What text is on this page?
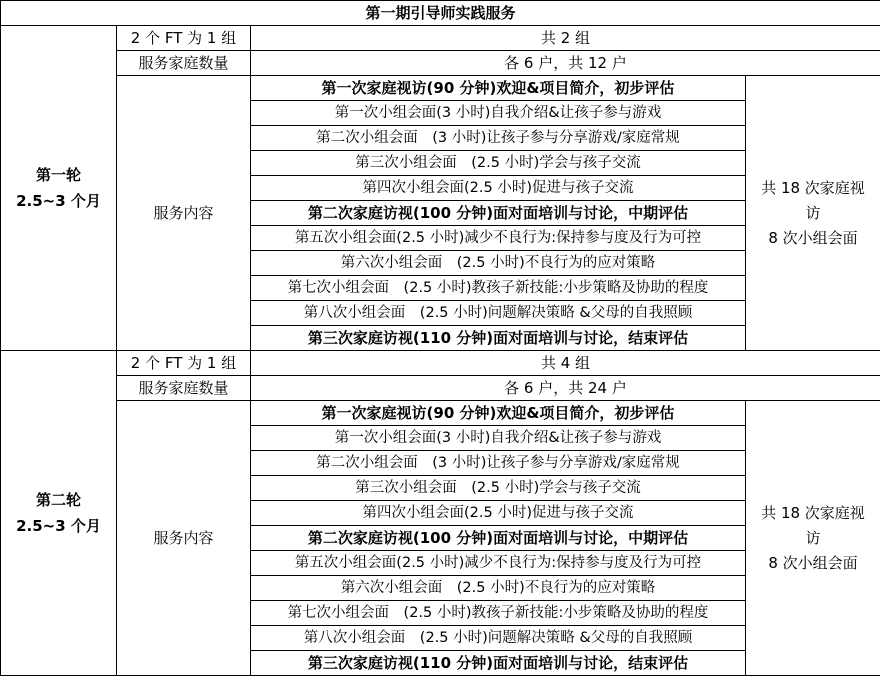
第一期引导师实践服务			

第一轮
2.5~3 个月	2 个 FT 为 1 组	共 2 组	
	服务家庭数量	各 6 户，共 12 户	
	服务内容	第一次家庭视访(90 分钟)欢迎&项目简介，初步评估	共 18 次家庭视
访
8 次小组会面

		第一次小组会面(3 小时)自我介绍&让孩子参与游戏	
		第二次小组会面　(3 小时)让孩子参与分享游戏/家庭常规	
		第三次小组会面　(2.5 小时)学会与孩子交流	
		第四次小组会面(2.5 小时)促进与孩子交流	
		第二次家庭访视(100 分钟)面对面培训与讨论，中期评估	
		第五次小组会面(2.5 小时)减少不良行为:保持参与度及行为可控	
		第六次小组会面　(2.5 小时)不良行为的应对策略	
		第七次小组会面　(2.5 小时)教孩子新技能:小步策略及协助的程度	
		第八次小组会面　(2.5 小时)问题解决策略 &父母的自我照顾	
		第三次家庭访视(110 分钟)面对面培训与讨论，结束评估	

第二轮
2.5~3 个月	2 个 FT 为 1 组	共 4 组	
	服务家庭数量	各 6 户，共 24 户	
	服务内容	第一次家庭视访(90 分钟)欢迎&项目简介，初步评估	共 18 次家庭视
访
8 次小组会面

		第一次小组会面(3 小时)自我介绍&让孩子参与游戏	
		第二次小组会面　(3 小时)让孩子参与分享游戏/家庭常规	
		第三次小组会面　(2.5 小时)学会与孩子交流	
		第四次小组会面(2.5 小时)促进与孩子交流	
		第二次家庭访视(100 分钟)面对面培训与讨论，中期评估	
		第五次小组会面(2.5 小时)减少不良行为:保持参与度及行为可控	
		第六次小组会面　(2.5 小时)不良行为的应对策略	
		第七次小组会面　(2.5 小时)教孩子新技能:小步策略及协助的程度	
		第八次小组会面　(2.5 小时)问题解决策略 &父母的自我照顾	
		第三次家庭访视(110 分钟)面对面培训与讨论，结束评估	
